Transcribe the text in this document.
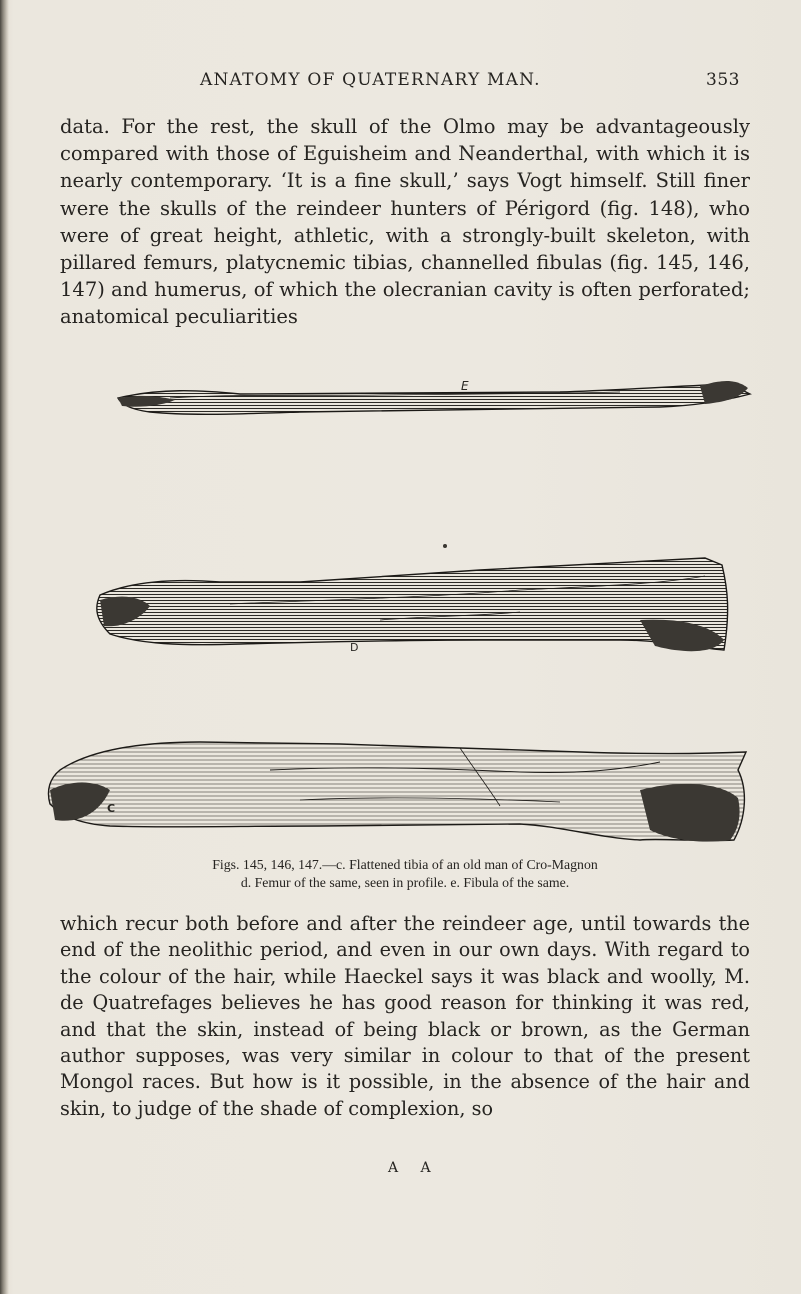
ANATOMY OF QUATERNARY MAN.	353

data. For the rest, the skull of the Olmo may be advantageously compared with those of Eguisheim and Neanderthal, with which it is nearly contemporary. ‘It is a fine skull,’ says Vogt himself. Still finer were the skulls of the reindeer hunters of Périgord (fig. 148), who were of great height, athletic, with a strongly-built skeleton, with pillared femurs, platycnemic tibias, channelled fibulas (fig. 145, 146, 147) and humerus, of which the olecranian cavity is often perforated; anatomical peculiarities

E
D
C
Figs. 145, 146, 147.—c. Flattened tibia of an old man of Cro-Magnon
d. Femur of the same, seen in profile. e. Fibula of the same.

which recur both before and after the reindeer age, until towards the end of the neolithic period, and even in our own days. With regard to the colour of the hair, while Haeckel says it was black and woolly, M. de Quatrefages believes he has good reason for thinking it was red, and that the skin, instead of being black or brown, as the German author supposes, was very similar in colour to that of the present Mongol races. But how is it possible, in the absence of the hair and skin, to judge of the shade of complexion, so

A A
